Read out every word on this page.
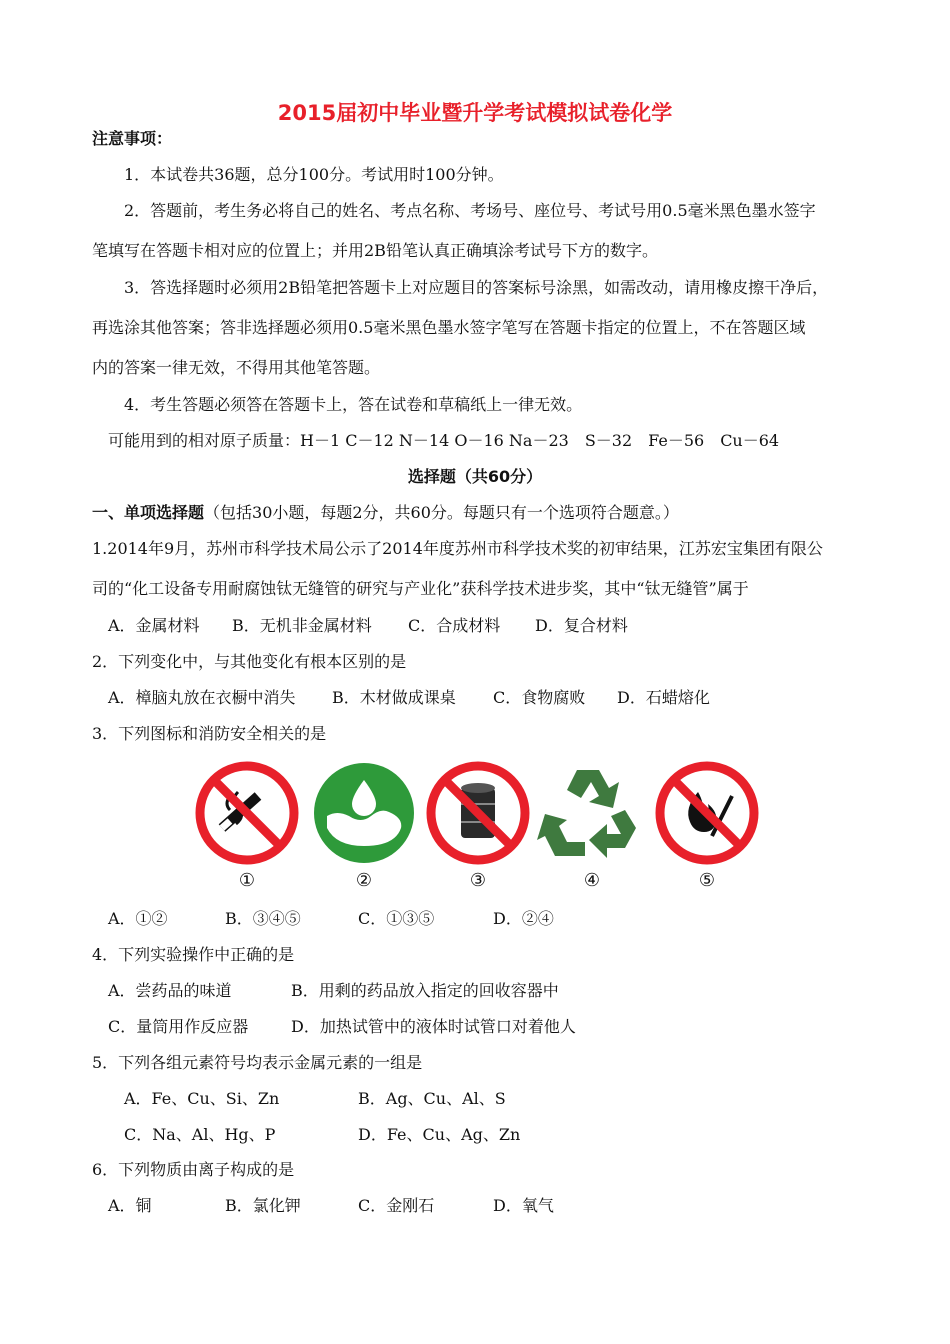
2015届初中毕业暨升学考试模拟试卷化学
注意事项：
1．本试卷共36题，总分100分。考试用时100分钟。
2．答题前，考生务必将自己的姓名、考点名称、考场号、座位号、考试号用0.5毫米黑色墨水签字
笔填写在答题卡相对应的位置上；并用2B铅笔认真正确填涂考试号下方的数字。
3．答选择题时必须用2B铅笔把答题卡上对应题目的答案标号涂黑，如需改动，请用橡皮擦干净后，
再选涂其他答案；答非选择题必须用0.5毫米黑色墨水签字笔写在答题卡指定的位置上，不在答题区域
内的答案一律无效，不得用其他笔答题。
4．考生答题必须答在答题卡上，答在试卷和草稿纸上一律无效。
可能用到的相对原子质量：H－1 C－12 N－14 O－16 Na－23　S－32　Fe－56　Cu－64
选择题（共60分）
一、单项选择题（包括30小题，每题2分，共60分。每题只有一个选项符合题意。）
1.2014年9月，苏州市科学技术局公示了2014年度苏州市科学技术奖的初审结果，江苏宏宝集团有限公
司的“化工设备专用耐腐蚀钛无缝管的研究与产业化”获科学技术进步奖，其中“钛无缝管”属于
A．金属材料 B．无机非金属材料 C．合成材料 D．复合材料
2．下列变化中，与其他变化有根本区别的是
A．樟脑丸放在衣橱中消失 B．木材做成课桌 C．食物腐败 D．石蜡熔化
3．下列图标和消防安全相关的是
①	②	③	④	⑤
A．①②	B．③④⑤	C．①③⑤	D．②④
4．下列实验操作中正确的是
A．尝药品的味道	B．用剩的药品放入指定的回收容器中
C．量筒用作反应器	D．加热试管中的液体时试管口对着他人
5．下列各组元素符号均表示金属元素的一组是
A．Fe、Cu、Si、Zn	B．Ag、Cu、Al、S
C．Na、Al、Hg、P	D．Fe、Cu、Ag、Zn
6．下列物质由离子构成的是
A．铜	B．氯化钾	C．金刚石	D．氧气
